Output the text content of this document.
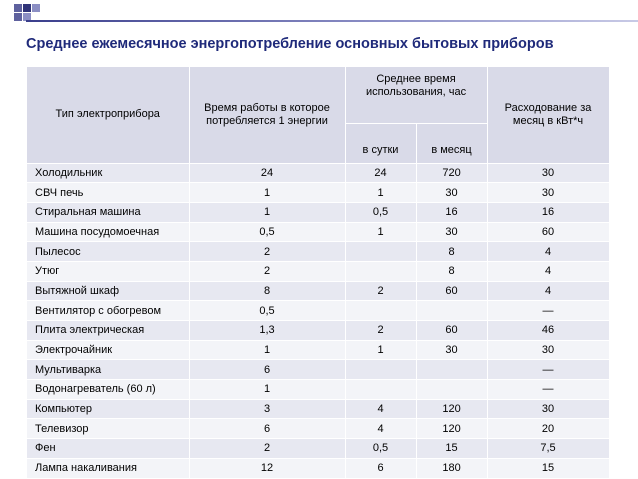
Среднее ежемесячное энергопотребление основных бытовых приборов
Тип электроприбора	Время работы в которое потребляется 1 энергии	Среднее время использования, час		Расходование за месяц в кВт*ч
		в сутки	в месяц	
Холодильник	24	24	720	30
СВЧ печь	1	1	30	30
Стиральная машина	1	0,5	16	16
Машина посудомоечная	0,5	1	30	60
Пылесос	2		8	4
Утюг	2		8	4
Вытяжной шкаф	8	2	60	4
Вентилятор с обогревом	0,5			—
Плита электрическая	1,3	2	60	46
Электрочайник	1	1	30	30
Мультиварка	6			—
Водонагреватель (60 л)	1			—
Компьютер	3	4	120	30
Телевизор	6	4	120	20
Фен	2	0,5	15	7,5
Лампа накаливания	12	6	180	15
